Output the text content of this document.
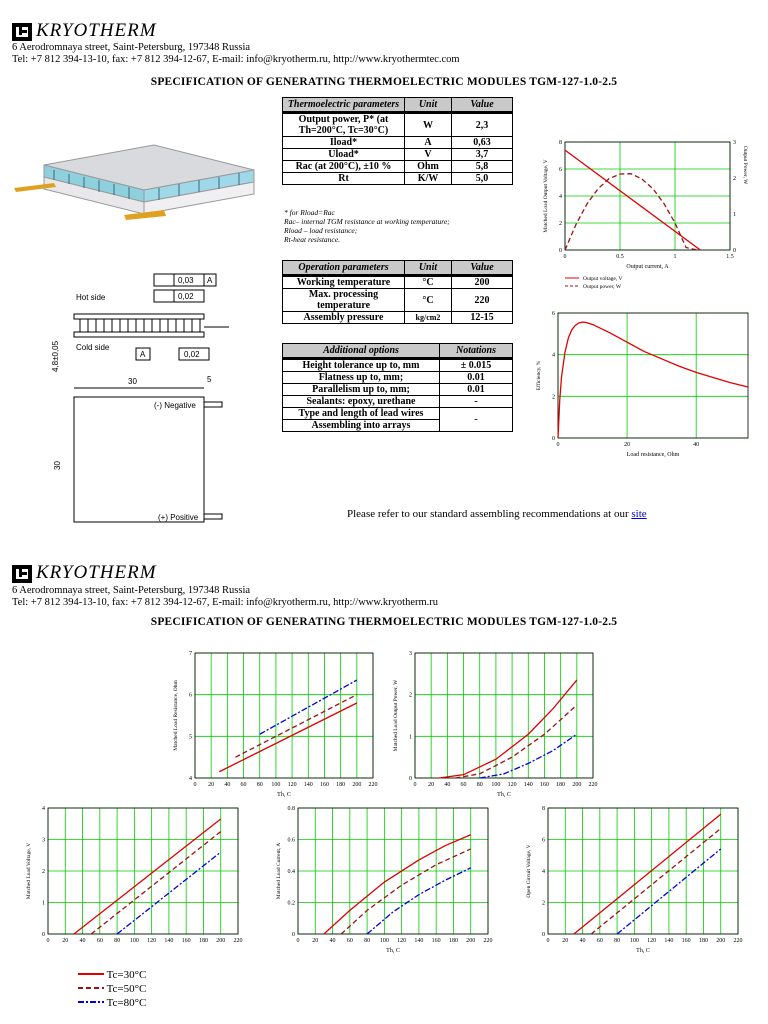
KRYOTHERM
6 Aerodromnaya street, Saint-Petersburg, 197348 Russia
Tel: +7 812 394-13-10, fax: +7 812 394-12-67, E-mail: info@kryotherm.ru, http://www.kryothermtec.com
SPECIFICATION OF GENERATING THERMOELECTRIC MODULES TGM-127-1.0-2.5
0,03 A
0,02
Hot side
Cold side
A	0,02
4,8±0,05
30	5
(-) Negative
(+) Positive
30
Thermoelectric parameters	Unit	Value
Output power, P* (at Th=200°C, Tc=30°C)	W	2,3
Iload*	A	0,63
Uload*	V	3,7
Rac (at 200°C), ±10 %	Ohm	5,8
Rt	K/W	5,0
* for Rload=Rac
Rac– internal TGM resistance at working temperature;
Rload – load resistance;
Rt-heat resistance.
Operation parameters	Unit	Value
Working temperature	°C	200
Max. processing temperature	°C	220
Assembly pressure	kg/cm2	12-15
Additional options	Notations
Height tolerance up to, mm	± 0.015
Flatness up to, mm;	0.01
Parallelism up to, mm;	0.01
Sealants: epoxy, urethane	-
Type and length of lead wires	-
Assembling into arrays	
Please refer to our standard assembling recommendations at our site
0	0.5	1	1.5
0
2
4
6
8
0
1
2
3
Output Power, W
Output current, A
Matched Load Output Voltage, V
Output voltage, V
Output power, W
0	20	40
0
2
4
6
Load resistance, Ohm
Efficiency, %
KRYOTHERM
6 Aerodromnaya street, Saint-Petersburg, 197348 Russia
Tel: +7 812 394-13-10, fax: +7 812 394-12-67, E-mail: info@kryotherm.ru, http://www.kryotherm.ru
SPECIFICATION OF GENERATING THERMOELECTRIC MODULES TGM-127-1.0-2.5
0 20 40 60 80 100 120 140 160 180 200 220
4
5
6
7
Th, C
Matched Load Resistance, Ohm
0 20 40 60 80 100 120 140 160 180 200 220
0
1
2
3
Th, C
Matched Load Output Power, W
0 20 40 60 80 100 120 140 160 180 200 220
0
1
2
3
4
Matched Load Voltage, V
0 20 40 60 80 100 120 140 160 180 200 220
0
0.2
0.4
0.6
0.8
Th, C
Matched Load Current, A
0 20 40 60 80 100 120 140 160 180 200 220
0
2
4
6
8
Th, C
Open Circuit Voltage, V
Tc=30°C
Tc=50°C
Tc=80°C
